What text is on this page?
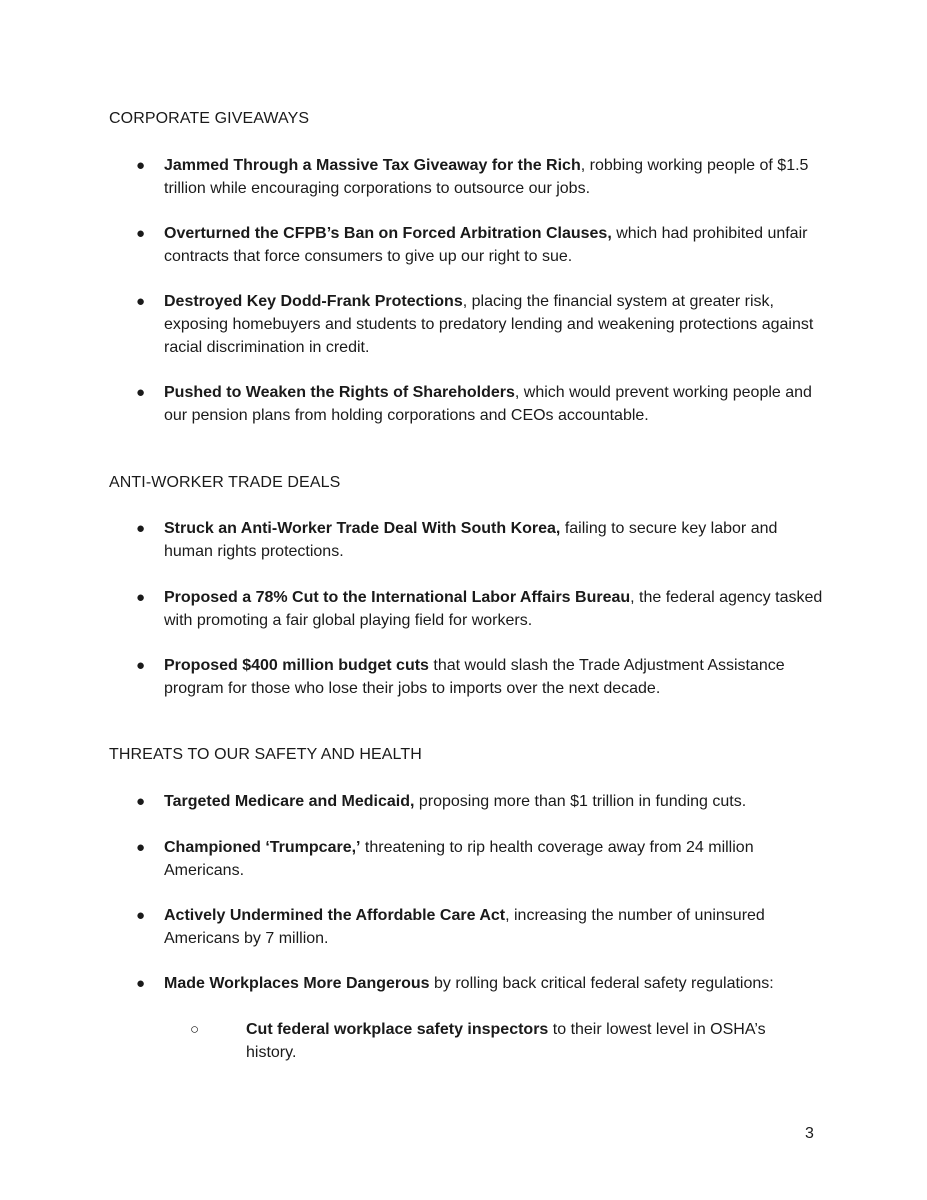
CORPORATE GIVEAWAYS

● Jammed Through a Massive Tax Giveaway for the Rich, robbing working people of $1.5 trillion while encouraging corporations to outsource our jobs.

● Overturned the CFPB’s Ban on Forced Arbitration Clauses, which had prohibited unfair contracts that force consumers to give up our right to sue.

● Destroyed Key Dodd-Frank Protections, placing the financial system at greater risk, exposing homebuyers and students to predatory lending and weakening protections against racial discrimination in credit.

● Pushed to Weaken the Rights of Shareholders, which would prevent working people and our pension plans from holding corporations and CEOs accountable.

ANTI-WORKER TRADE DEALS

● Struck an Anti-Worker Trade Deal With South Korea, failing to secure key labor and human rights protections.

● Proposed a 78% Cut to the International Labor Affairs Bureau, the federal agency tasked with promoting a fair global playing field for workers.

● Proposed $400 million budget cuts that would slash the Trade Adjustment Assistance program for those who lose their jobs to imports over the next decade.

THREATS TO OUR SAFETY AND HEALTH

● Targeted Medicare and Medicaid, proposing more than $1 trillion in funding cuts.

● Championed ‘Trumpcare,’ threatening to rip health coverage away from 24 million Americans.

● Actively Undermined the Affordable Care Act, increasing the number of uninsured Americans by 7 million.

● Made Workplaces More Dangerous by rolling back critical federal safety regulations:

○	Cut federal workplace safety inspectors to their lowest level in OSHA’s history.

3
